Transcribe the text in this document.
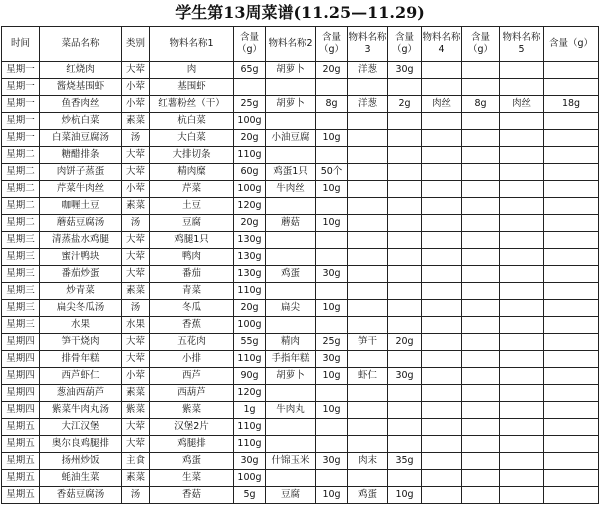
学生第13周菜谱(11.25—11.29)
时间	菜品名称	类别	物料名称1	含量（g）	物料名称2	含量（g）	物料名称3	含量（g）	物料名称4	含量（g）	物料名称5	含量（g）
星期一	红烧肉	大荤	肉	65g	胡萝卜	20g	洋葱	30g				
星期一	酱烧基围虾	小荤	基围虾									
星期一	鱼香肉丝	小荤	红薯粉丝（干）	25g	胡萝卜	8g	洋葱	2g	肉丝	8g	肉丝	18g
星期一	炒杭白菜	素菜	杭白菜	100g								
星期一	白菜油豆腐汤	汤	大白菜	20g	小油豆腐	10g						
星期二	糖醋排条	大荤	大排切条	110g								
星期二	肉饼子蒸蛋	大荤	精肉糜	60g	鸡蛋1只	50个						
星期二	芹菜牛肉丝	小荤	芹菜	100g	牛肉丝	10g						
星期二	咖喱土豆	素菜	土豆	120g								
星期二	蘑菇豆腐汤	汤	豆腐	20g	蘑菇	10g						
星期三	清蒸盐水鸡腿	大荤	鸡腿1只	130g								
星期三	蜜汁鸭块	大荤	鸭肉	130g								
星期三	番茄炒蛋	大荤	番茄	130g	鸡蛋	30g						
星期三	炒青菜	素菜	青菜	110g								
星期三	扁尖冬瓜汤	汤	冬瓜	20g	扁尖	10g						
星期三	水果	水果	香蕉	100g								
星期四	笋干烧肉	大荤	五花肉	55g	精肉	25g	笋干	20g				
星期四	排骨年糕	大荤	小排	110g	手指年糕	30g						
星期四	西芦虾仁	小荤	西芦	90g	胡萝卜	10g	虾仁	30g				
星期四	葱油西葫芦	素菜	西葫芦	120g								
星期四	紫菜牛肉丸汤	紫菜	紫菜	1g	牛肉丸	10g						
星期五	大江汉堡	大荤	汉堡2片	110g								
星期五	奥尔良鸡腿排	大荤	鸡腿排	110g								
星期五	扬州炒饭	主食	鸡蛋	30g	什锦玉米	30g	肉末	35g				
星期五	蚝油生菜	素菜	生菜	100g								
星期五	香菇豆腐汤	汤	香菇	5g	豆腐	10g	鸡蛋	10g				
